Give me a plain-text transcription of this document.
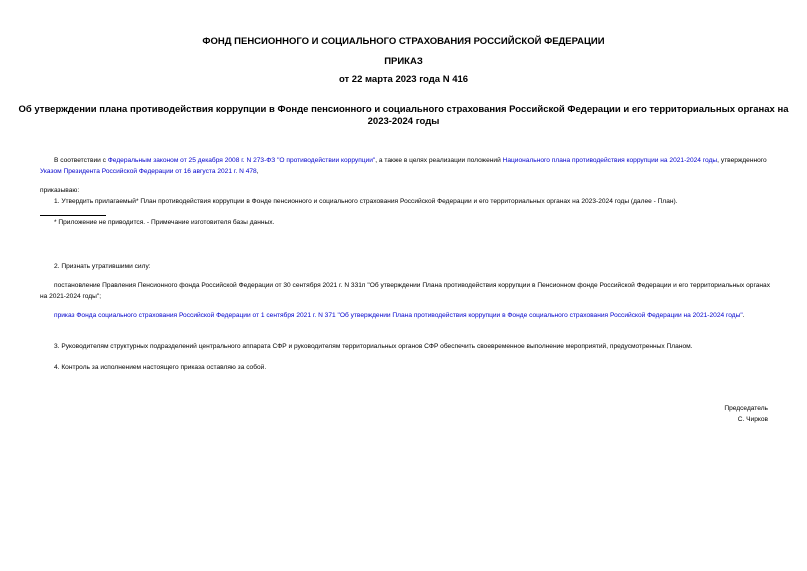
ФОНД ПЕНСИОННОГО И СОЦИАЛЬНОГО СТРАХОВАНИЯ РОССИЙСКОЙ ФЕДЕРАЦИИ
ПРИКАЗ
от 22 марта 2023 года N 416
Об утверждении плана противодействия коррупции в Фонде пенсионного и социального страхования Российской Федерации и его территориальных органах на
2023-2024 годы
В соответствии с Федеральным законом от 25 декабря 2008 г. N 273-ФЗ "О противодействии коррупции", а также в целях реализации положений Национального плана противодействия коррупции на 2021-2024 годы, утвержденного Указом Президента Российской Федерации от 16 августа 2021 г. N 478,
приказываю:
1. Утвердить прилагаемый* План противодействия коррупции в Фонде пенсионного и социального страхования Российской Федерации и его территориальных органах на 2023-2024 годы (далее - План).
* Приложение не приводится. - Примечание изготовителя базы данных.
2. Признать утратившими силу:
постановление Правления Пенсионного фонда Российской Федерации от 30 сентября 2021 г. N 331п "Об утверждении Плана противодействия коррупции в Пенсионном фонде Российской Федерации и его территориальных органах на 2021-2024 годы";
приказ Фонда социального страхования Российской Федерации от 1 сентября 2021 г. N 371 "Об утверждении Плана противодействия коррупции в Фонде социального страхования Российской Федерации на 2021-2024 годы".
3. Руководителям структурных подразделений центрального аппарата СФР и руководителям территориальных органов СФР обеспечить своевременное выполнение мероприятий, предусмотренных Планом.
4. Контроль за исполнением настоящего приказа оставляю за собой.
Председатель
С. Чирков
